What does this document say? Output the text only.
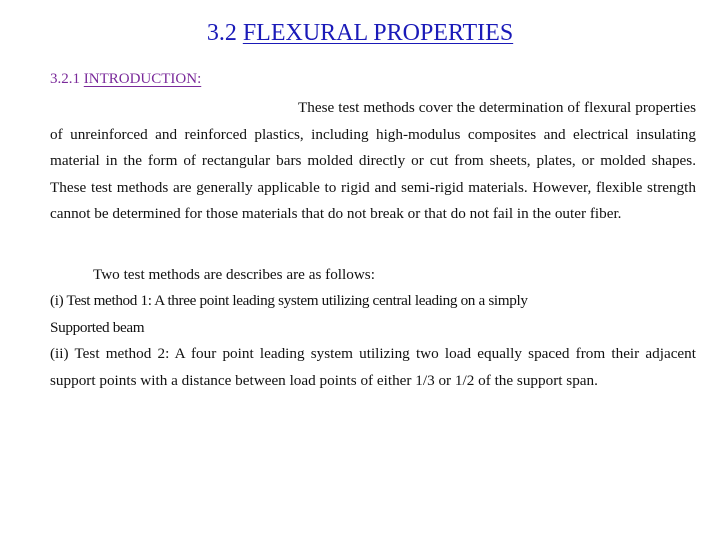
3.2 FLEXURAL PROPERTIES
3.2.1 INTRODUCTION:
These test methods cover the determination of flexural properties of unreinforced and reinforced plastics, including high-modulus composites and electrical insulating material in the form of rectangular bars molded directly or cut from sheets, plates, or molded shapes. These test methods are generally applicable to rigid and semi-rigid materials. However, flexible strength cannot be determined for those materials that do not break or that do not fail in the outer fiber.
Two test methods are describes are as follows:
(i) Test method 1: A three point leading system utilizing central leading on a simply
Supported beam
(ii) Test method 2: A four point leading system utilizing two load equally spaced from their adjacent support points with a distance between load points of either 1/3 or 1/2 of the support span.
